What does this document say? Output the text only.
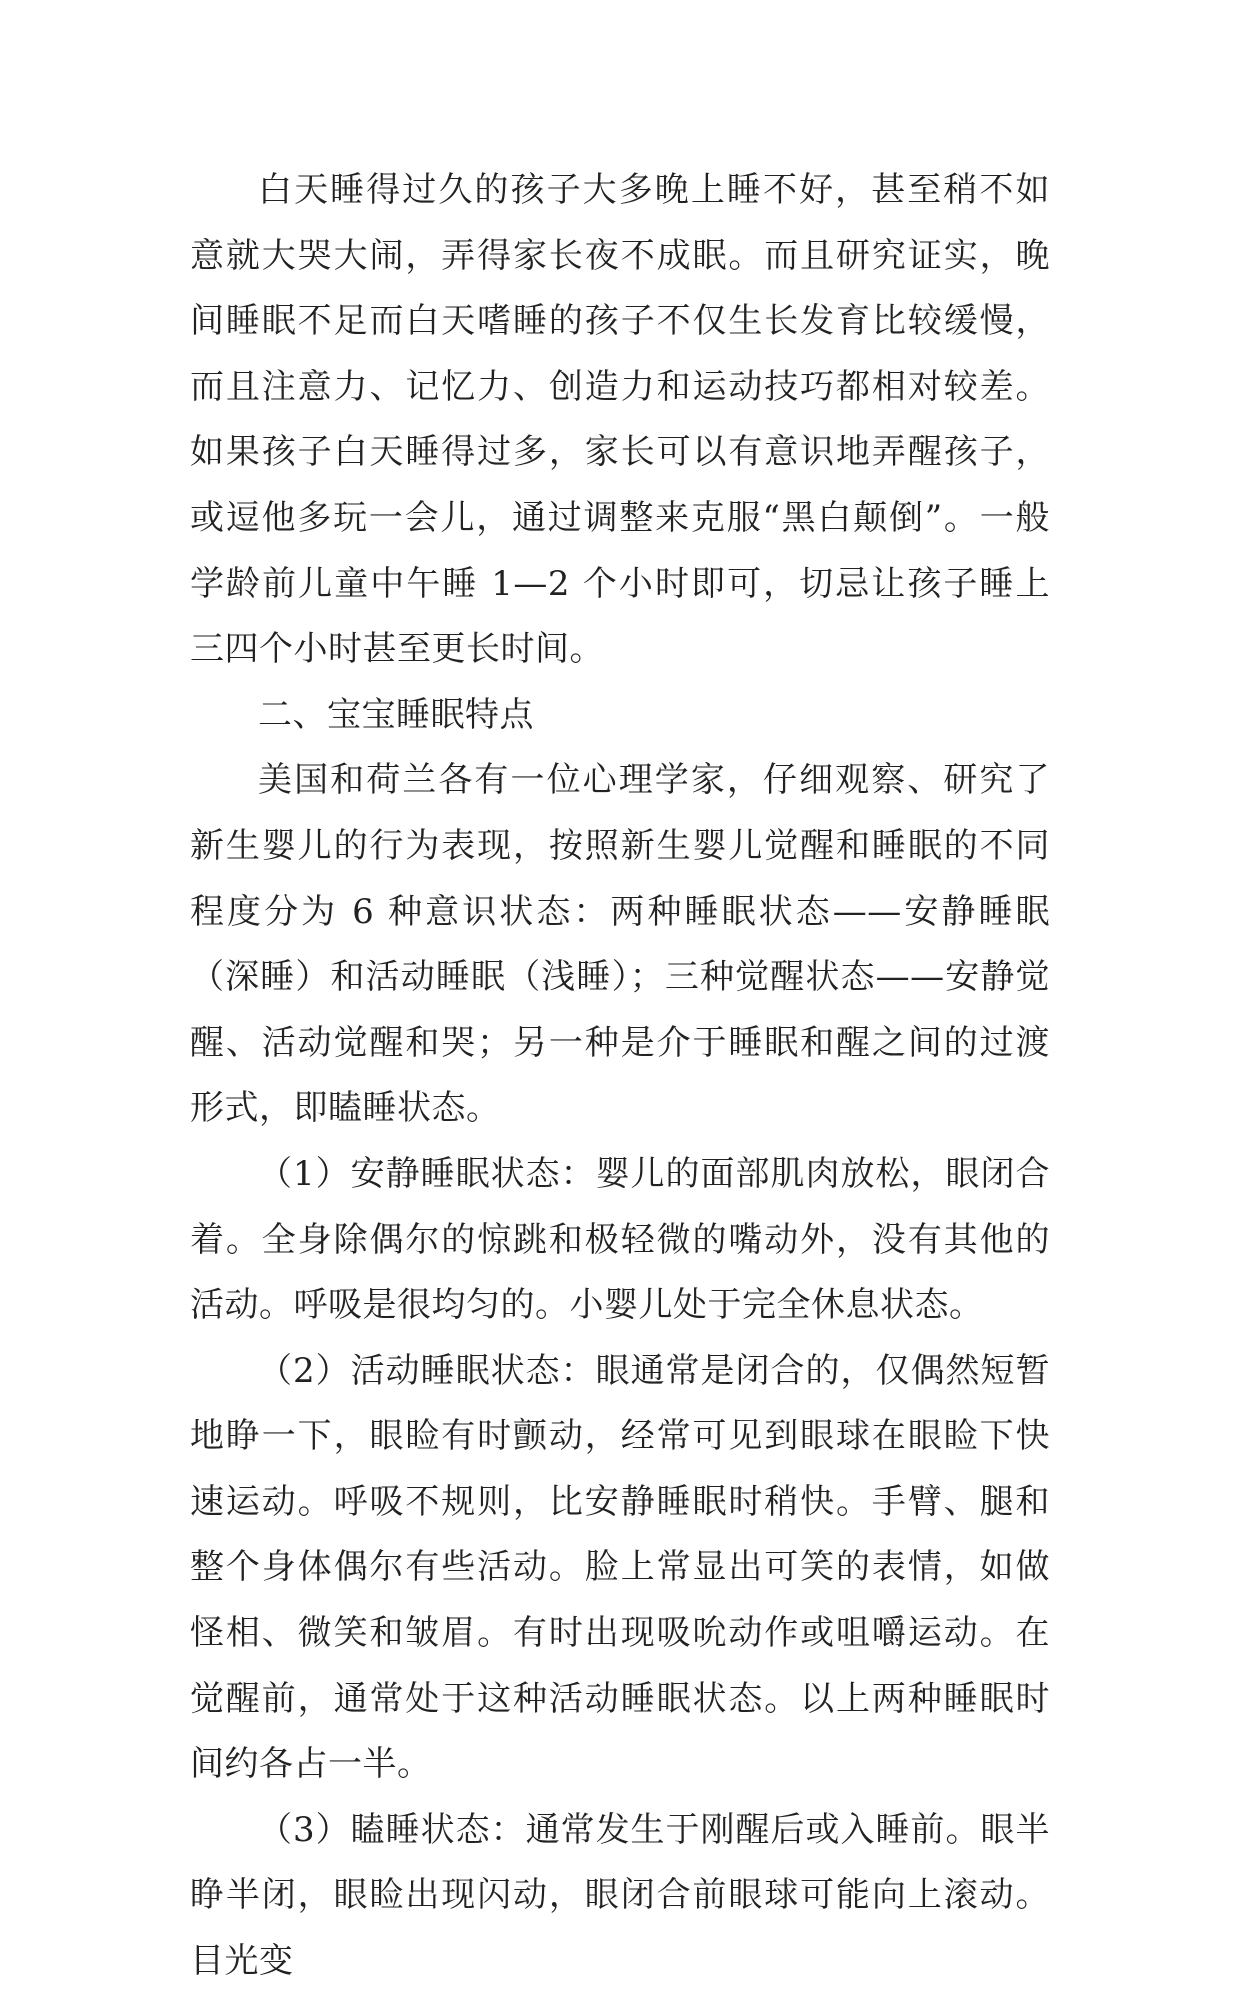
白天睡得过久的孩子大多晚上睡不好，甚至稍不如意就大哭大闹，弄得家长夜不成眠。而且研究证实，晚间睡眠不足而白天嗜睡的孩子不仅生长发育比较缓慢，而且注意力、记忆力、创造力和运动技巧都相对较差。如果孩子白天睡得过多，家长可以有意识地弄醒孩子，或逗他多玩一会儿，通过调整来克服“黑白颠倒”。一般学龄前儿童中午睡 1—2 个小时即可，切忌让孩子睡上三四个小时甚至更长时间。

二、宝宝睡眠特点

美国和荷兰各有一位心理学家，仔细观察、研究了新生婴儿的行为表现，按照新生婴儿觉醒和睡眠的不同程度分为 6 种意识状态：两种睡眠状态——安静睡眠（深睡）和活动睡眠（浅睡）；三种觉醒状态——安静觉醒、活动觉醒和哭；另一种是介于睡眠和醒之间的过渡形式，即瞌睡状态。

（1）安静睡眠状态：婴儿的面部肌肉放松，眼闭合着。全身除偶尔的惊跳和极轻微的嘴动外，没有其他的活动。呼吸是很均匀的。小婴儿处于完全休息状态。

（2）活动睡眠状态：眼通常是闭合的，仅偶然短暂地睁一下，眼睑有时颤动，经常可见到眼球在眼睑下快速运动。呼吸不规则，比安静睡眠时稍快。手臂、腿和整个身体偶尔有些活动。脸上常显出可笑的表情，如做怪相、微笑和皱眉。有时出现吸吮动作或咀嚼运动。在觉醒前，通常处于这种活动睡眠状态。以上两种睡眠时间约各占一半。

（3）瞌睡状态：通常发生于刚醒后或入睡前。眼半睁半闭，眼睑出现闪动，眼闭合前眼球可能向上滚动。目光变
